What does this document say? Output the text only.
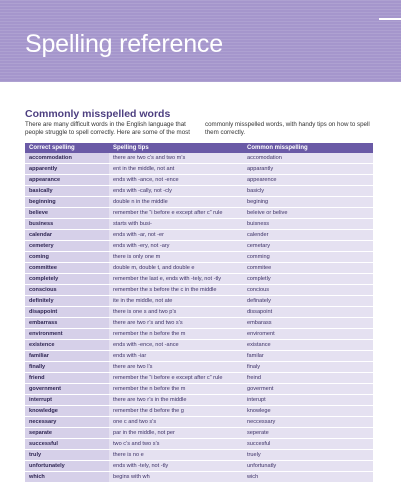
Spelling reference
Commonly misspelled words
There are many difficult words in the English language that people struggle to spell correctly. Here are some of the most
commonly misspelled words, with handy tips on how to spell them correctly.
Correct spelling	Spelling tips	Common misspelling
accommodation	there are two c’s and two m’s	accomodation
apparently	ent in the middle, not ant	apparantly
appearance	ends with -ance, not -ence	appearence
basically	ends with -cally, not -cly	basicly
beginning	double n in the middle	begining
believe	remember the “i before e except after c” rule	beleive or belive
business	starts with busi-	buisness
calendar	ends with -ar, not -er	calender
cemetery	ends with -ery, not -ary	cemetary
coming	there is only one m	comming
committee	double m, double t, and double e	commitee
completely	remember the last e, ends with -tely, not -tly	completly
conscious	remember the s before the c in the middle	concious
definitely	ite in the middle, not ate	definately
disappoint	there is one s and two p’s	dissapoint
embarrass	there are two r’s and two s’s	embarass
environment	remember the n before the m	enviroment
existence	ends with -ence, not -ance	existance
familiar	ends with -iar	familar
finally	there are two l’s	finaly
friend	remember the “i before e except after c” rule	freind
government	remember the n before the m	goverment
interrupt	there are two r’s in the middle	interupt
knowledge	remember the d before the g	knowlege
necessary	one c and two s’s	neccessary
separate	par in the middle, not per	seperate
successful	two c’s and two s’s	succesful
truly	there is no e	truely
unfortunately	ends with -tely, not -tly	unfortunatly
which	begins with wh	wich
